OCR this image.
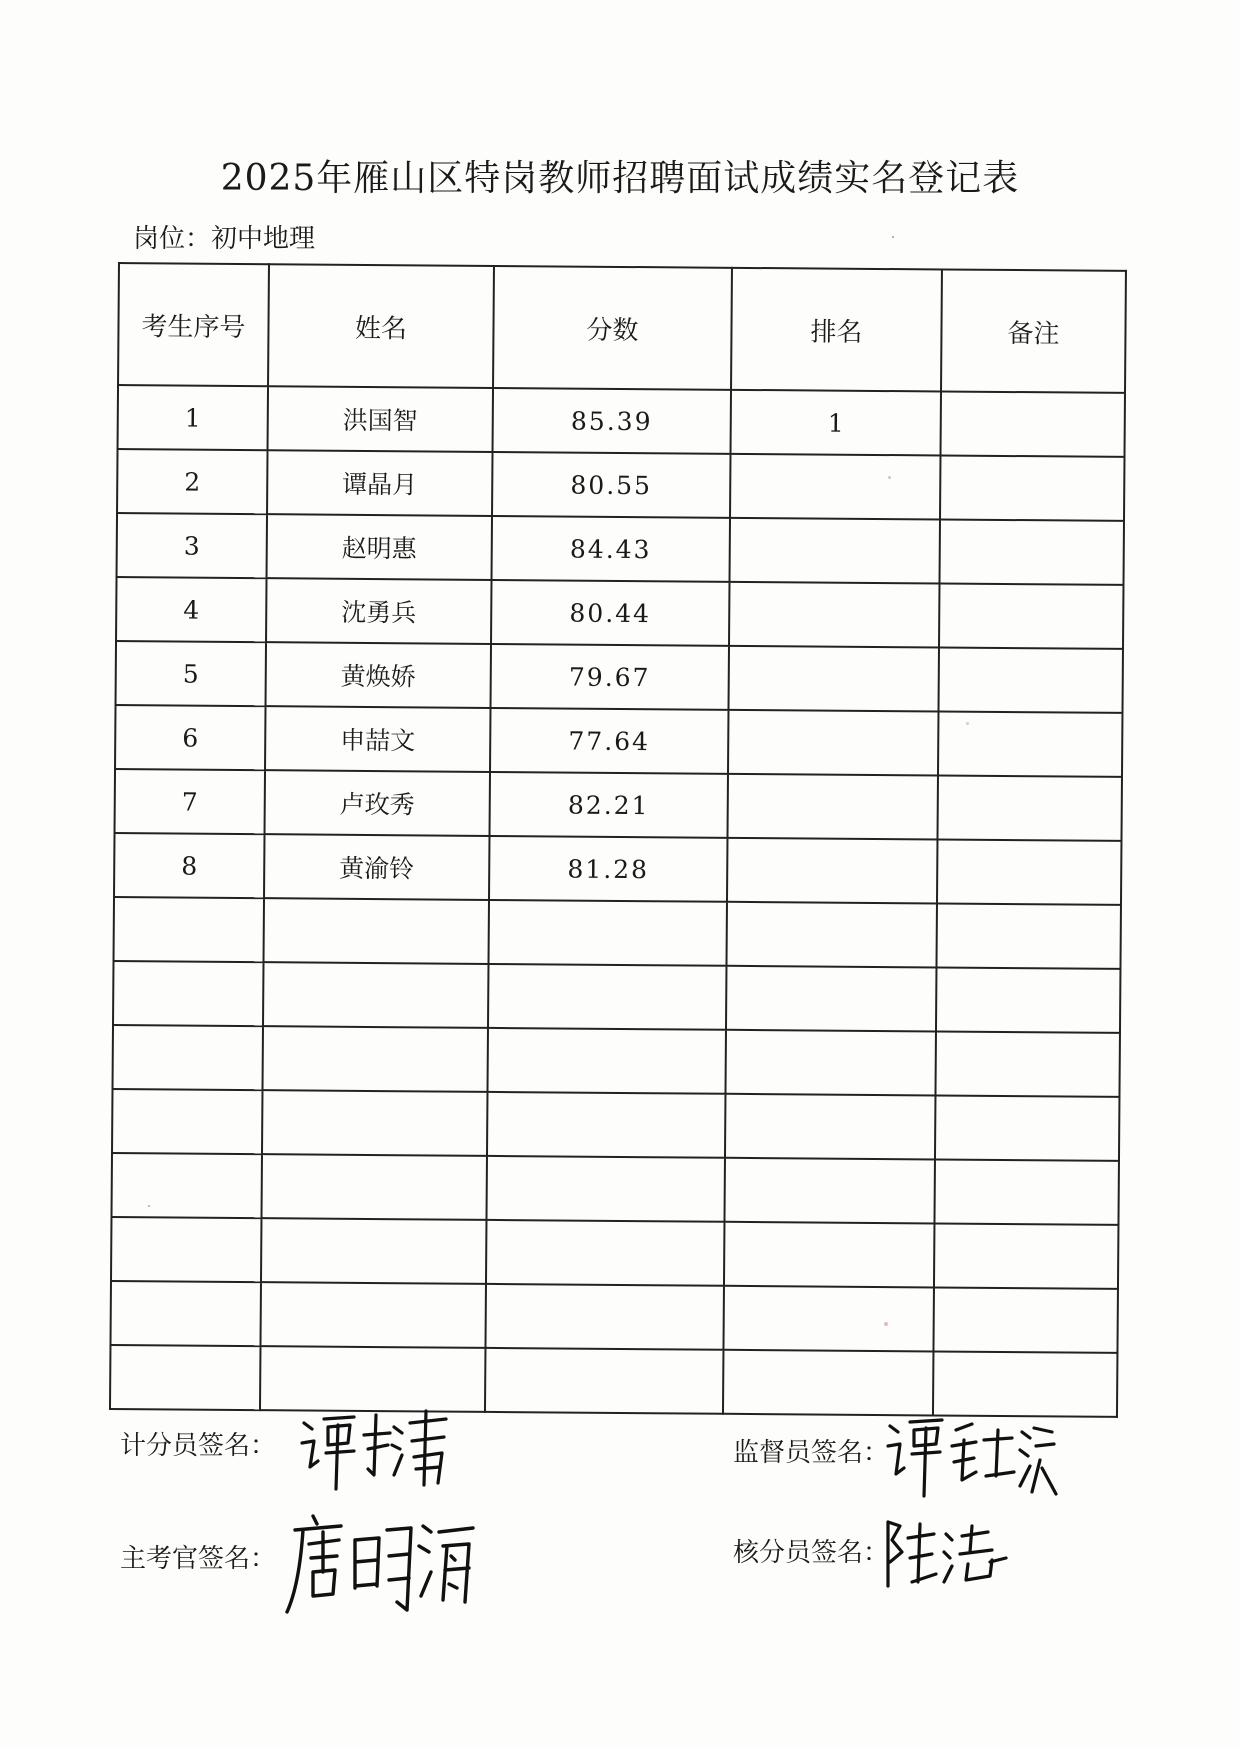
2025年雁山区特岗教师招聘面试成绩实名登记表
岗位：初中地理
考生序号	姓名	分数	排名	备注
1	洪国智	85.39	1	
2	谭晶月	80.55		
3	赵明惠	84.43		
4	沈勇兵	80.44		
5	黄焕娇	79.67		
6	申喆文	77.64		
7	卢玫秀	82.21		
8	黄渝铃	81.28		

计分员签名：	监督员签名：
主考官签名：	核分员签名：
